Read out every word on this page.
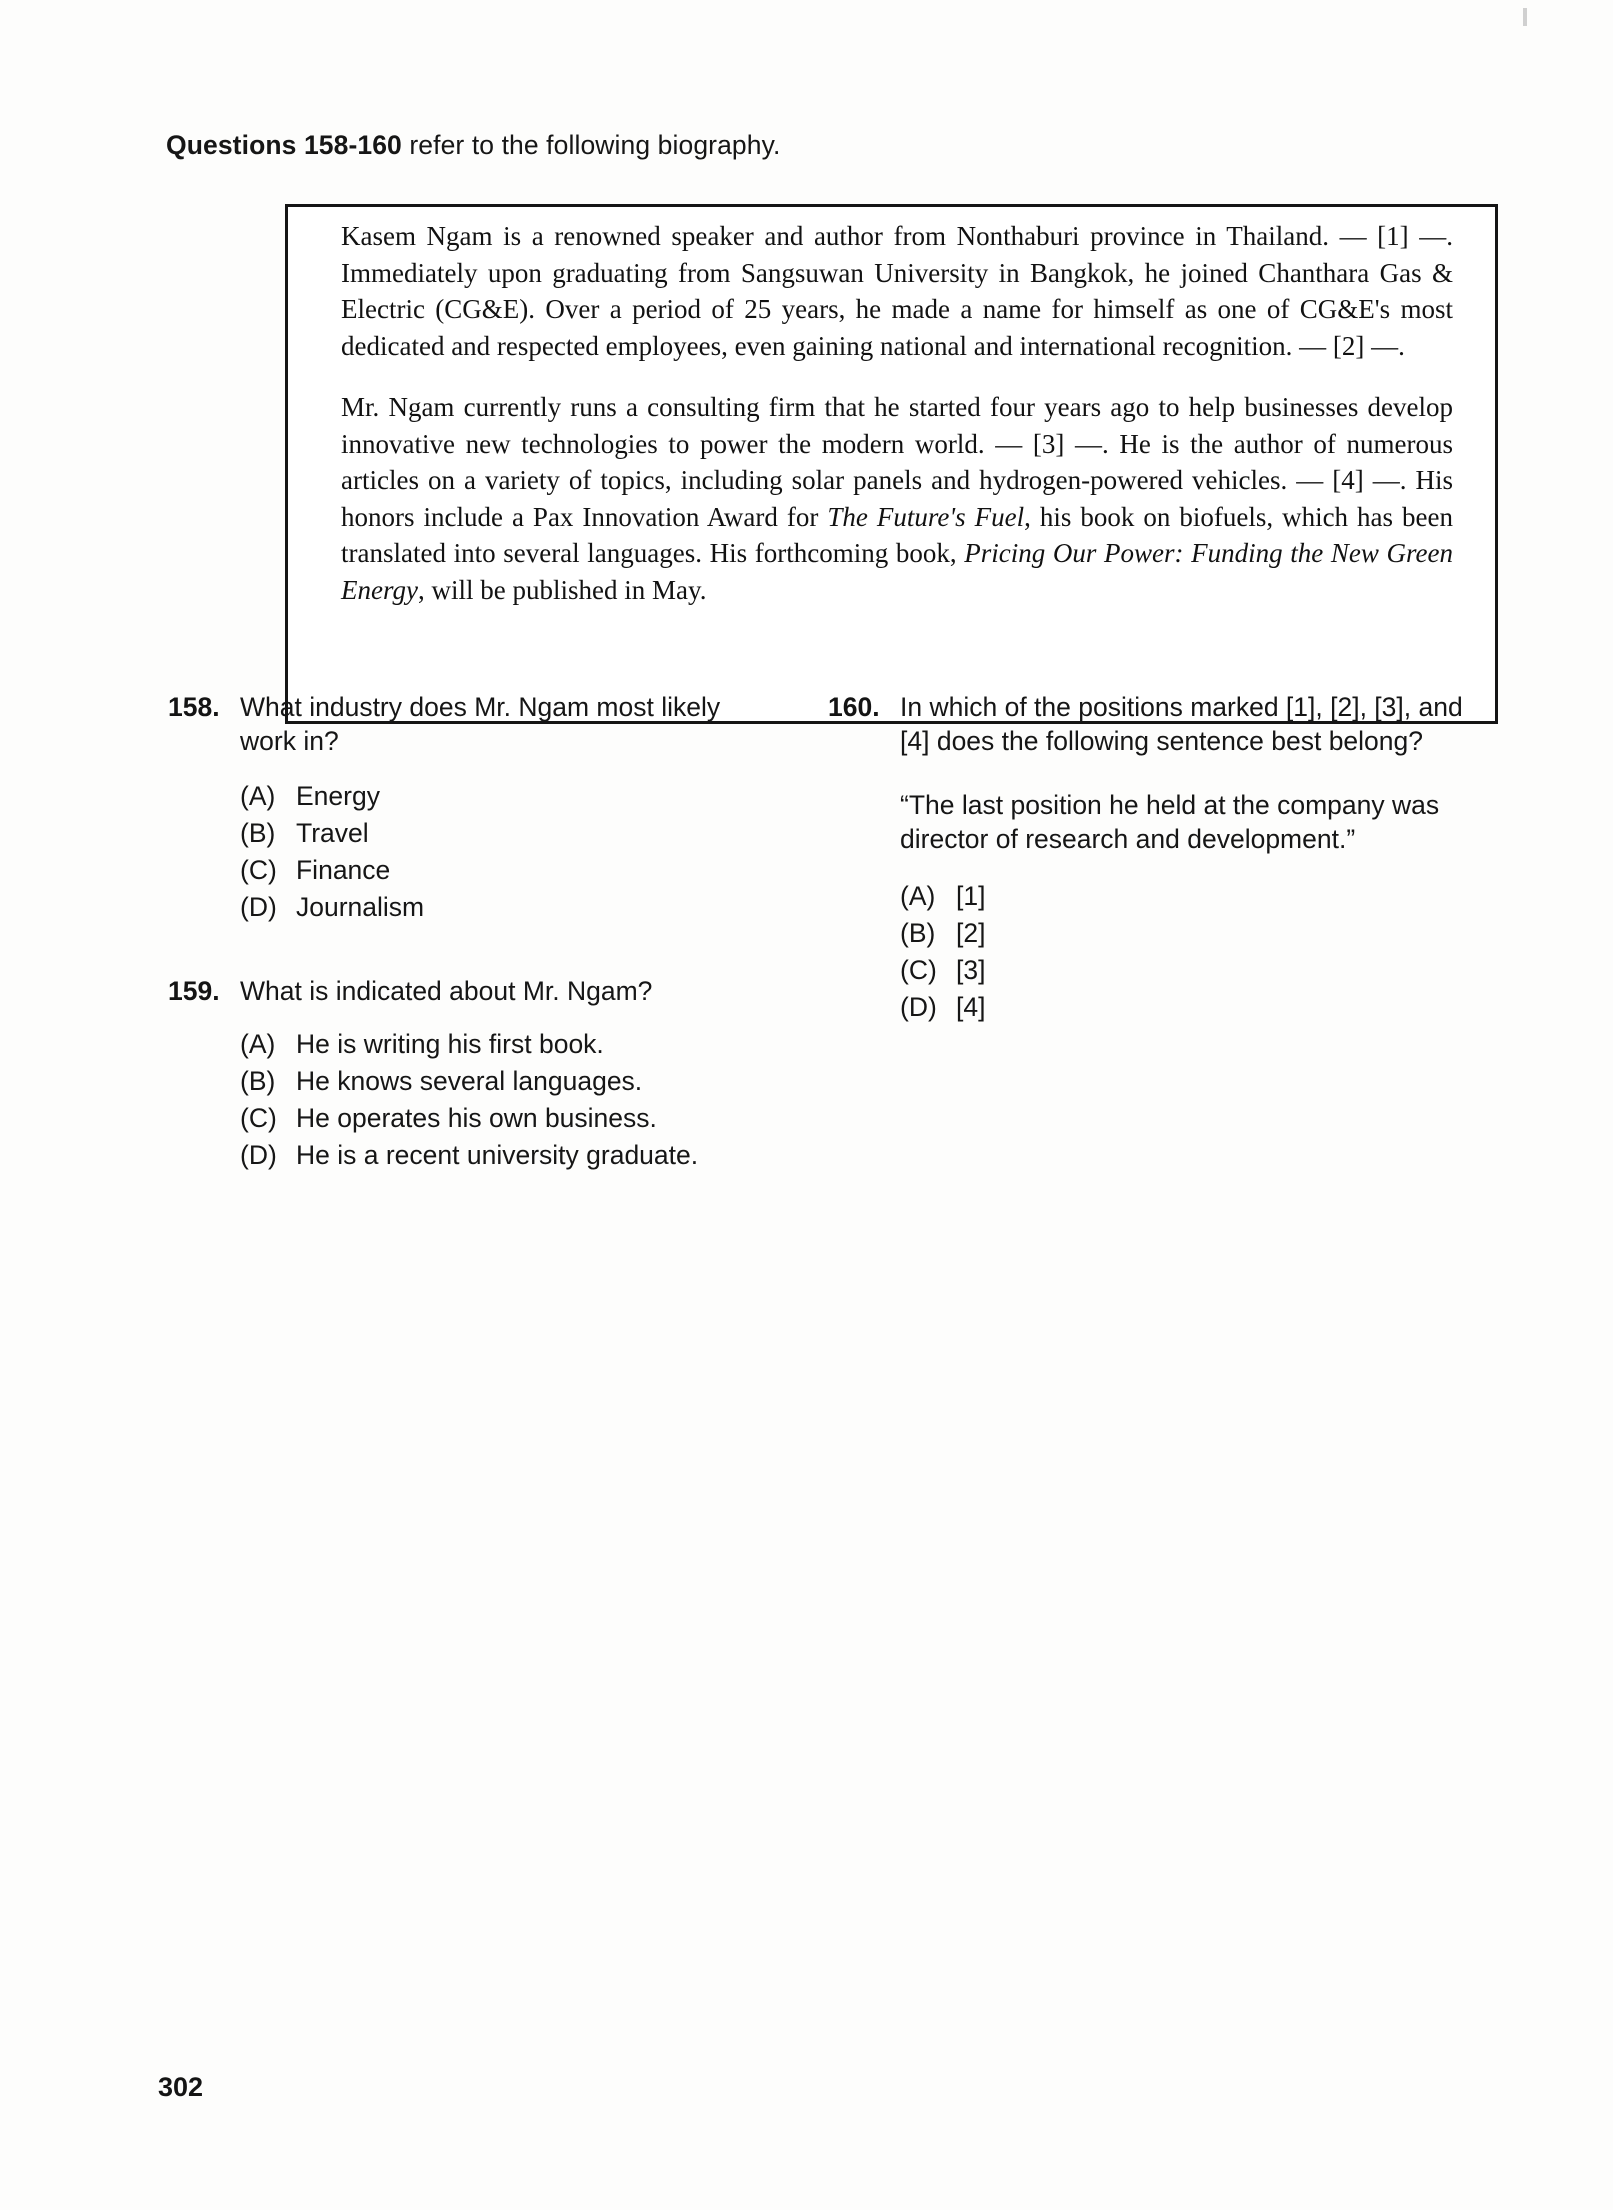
Questions 158-160 refer to the following biography.

Kasem Ngam is a renowned speaker and author from Nonthaburi province in Thailand. — [1] —. Immediately upon graduating from Sangsuwan University in Bangkok, he joined Chanthara Gas & Electric (CG&E). Over a period of 25 years, he made a name for himself as one of CG&E's most dedicated and respected employees, even gaining national and international recognition. — [2] —.

Mr. Ngam currently runs a consulting firm that he started four years ago to help businesses develop innovative new technologies to power the modern world. — [3] —. He is the author of numerous articles on a variety of topics, including solar panels and hydrogen-powered vehicles. — [4] —. His honors include a Pax Innovation Award for The Future's Fuel, his book on biofuels, which has been translated into several languages. His forthcoming book, Pricing Our Power: Funding the New Green Energy, will be published in May.

158. What industry does Mr. Ngam most likely work in?
(A) Energy
(B) Travel
(C) Finance
(D) Journalism
159. What is indicated about Mr. Ngam?
(A) He is writing his first book.
(B) He knows several languages.
(C) He operates his own business.
(D) He is a recent university graduate.
160. In which of the positions marked [1], [2], [3], and [4] does the following sentence best belong?
“The last position he held at the company was director of research and development.”
(A) [1]
(B) [2]
(C) [3]
(D) [4]
302
